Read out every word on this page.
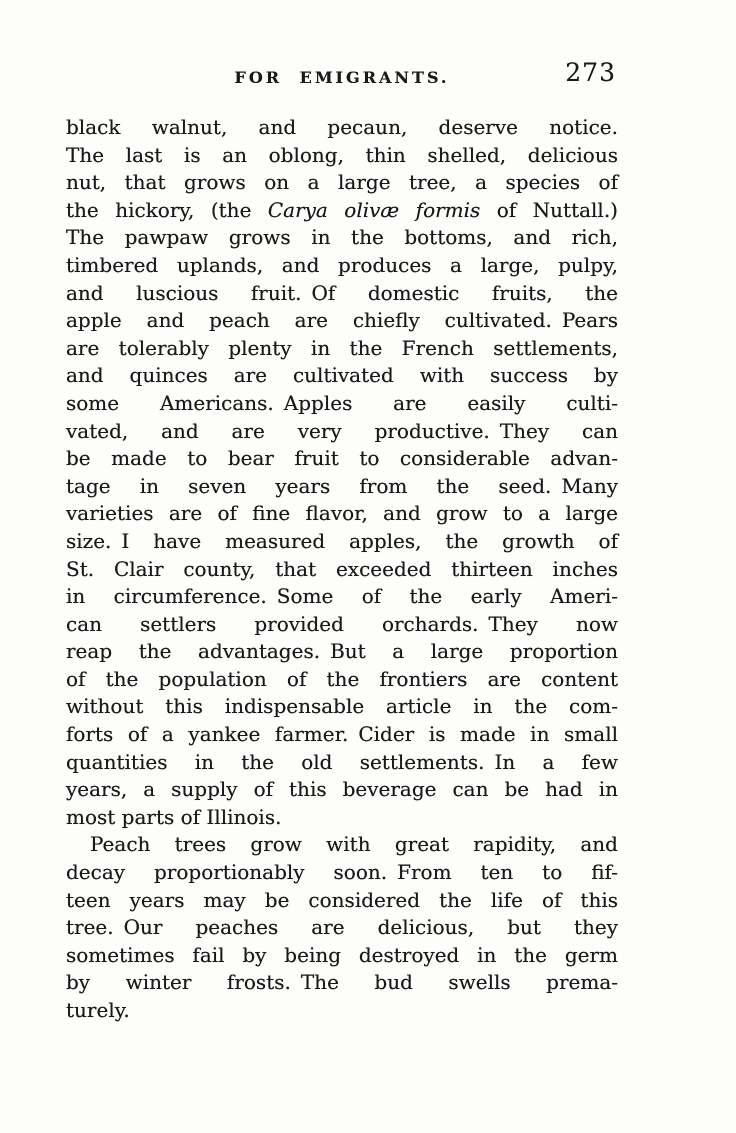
FOR EMIGRANTS.	273
black walnut, and pecaun, deserve notice.
The last is an oblong, thin shelled, delicious
nut, that grows on a large tree, a species of
the hickory, (the Carya olivæ formis of Nuttall.)
The pawpaw grows in the bottoms, and rich,
timbered uplands, and produces a large, pulpy,
and luscious fruit. Of domestic fruits, the
apple and peach are chiefly cultivated. Pears
are tolerably plenty in the French settlements,
and quinces are cultivated with success by
some Americans. Apples are easily culti-
vated, and are very productive. They can
be made to bear fruit to considerable advan-
tage in seven years from the seed. Many
varieties are of fine flavor, and grow to a large
size. I have measured apples, the growth of
St. Clair county, that exceeded thirteen inches
in circumference. Some of the early Ameri-
can settlers provided orchards. They now
reap the advantages. But a large proportion
of the population of the frontiers are content
without this indispensable article in the com-
forts of a yankee farmer. Cider is made in small
quantities in the old settlements. In a few
years, a supply of this beverage can be had in
most parts of Illinois.
Peach trees grow with great rapidity, and
decay proportionably soon. From ten to fif-
teen years may be considered the life of this
tree. Our peaches are delicious, but they
sometimes fail by being destroyed in the germ
by winter frosts. The bud swells prema-
turely.
